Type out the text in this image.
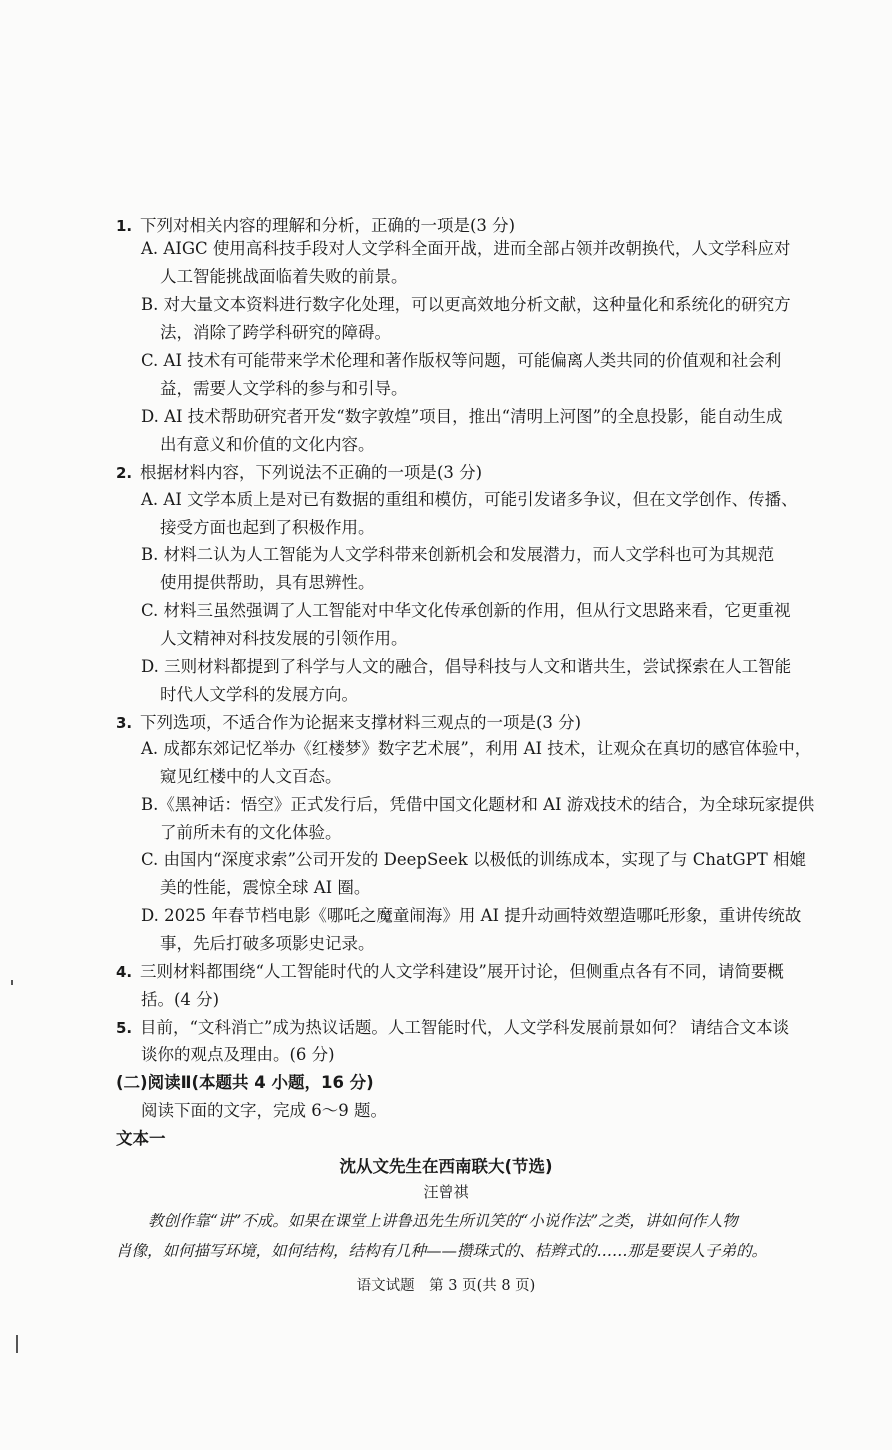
1. 下列对相关内容的理解和分析，正确的一项是(3 分)
A. AIGC 使用高科技手段对人文学科全面开战，进而全部占领并改朝换代，人文学科应对
人工智能挑战面临着失败的前景。
B. 对大量文本资料进行数字化处理，可以更高效地分析文献，这种量化和系统化的研究方
法，消除了跨学科研究的障碍。
C. AI 技术有可能带来学术伦理和著作版权等问题，可能偏离人类共同的价值观和社会利
益，需要人文学科的参与和引导。
D. AI 技术帮助研究者开发“数字敦煌”项目，推出“清明上河图”的全息投影，能自动生成
出有意义和价值的文化内容。
2. 根据材料内容，下列说法不正确的一项是(3 分)
A. AI 文学本质上是对已有数据的重组和模仿，可能引发诸多争议，但在文学创作、传播、
接受方面也起到了积极作用。
B. 材料二认为人工智能为人文学科带来创新机会和发展潜力，而人文学科也可为其规范
使用提供帮助，具有思辨性。
C. 材料三虽然强调了人工智能对中华文化传承创新的作用，但从行文思路来看，它更重视
人文精神对科技发展的引领作用。
D. 三则材料都提到了科学与人文的融合，倡导科技与人文和谐共生，尝试探索在人工智能
时代人文学科的发展方向。
3. 下列选项，不适合作为论据来支撑材料三观点的一项是(3 分)
A. 成都东郊记忆举办《红楼梦》数字艺术展”，利用 AI 技术，让观众在真切的感官体验中，
窥见红楼中的人文百态。
B.《黑神话：悟空》正式发行后，凭借中国文化题材和 AI 游戏技术的结合，为全球玩家提供
了前所未有的文化体验。
C. 由国内“深度求索”公司开发的 DeepSeek 以极低的训练成本，实现了与 ChatGPT 相媲
美的性能，震惊全球 AI 圈。
D. 2025 年春节档电影《哪吒之魔童闹海》用 AI 提升动画特效塑造哪吒形象，重讲传统故
事，先后打破多项影史记录。
4. 三则材料都围绕“人工智能时代的人文学科建设”展开讨论，但侧重点各有不同，请简要概
括。(4 分)
5. 目前，“文科消亡”成为热议话题。人工智能时代，人文学科发展前景如何？ 请结合文本谈
谈你的观点及理由。(6 分)
(二)阅读Ⅱ(本题共 4 小题，16 分)
阅读下面的文字，完成 6～9 题。
文本一
沈从文先生在西南联大(节选)
汪曾祺
教创作靠“讲”不成。如果在课堂上讲鲁迅先生所讥笑的“小说作法”之类，讲如何作人物
肖像，如何描写环境，如何结构，结构有几种——攒珠式的、桔辫式的……那是要误人子弟的。
语文试题　第 3 页(共 8 页)
